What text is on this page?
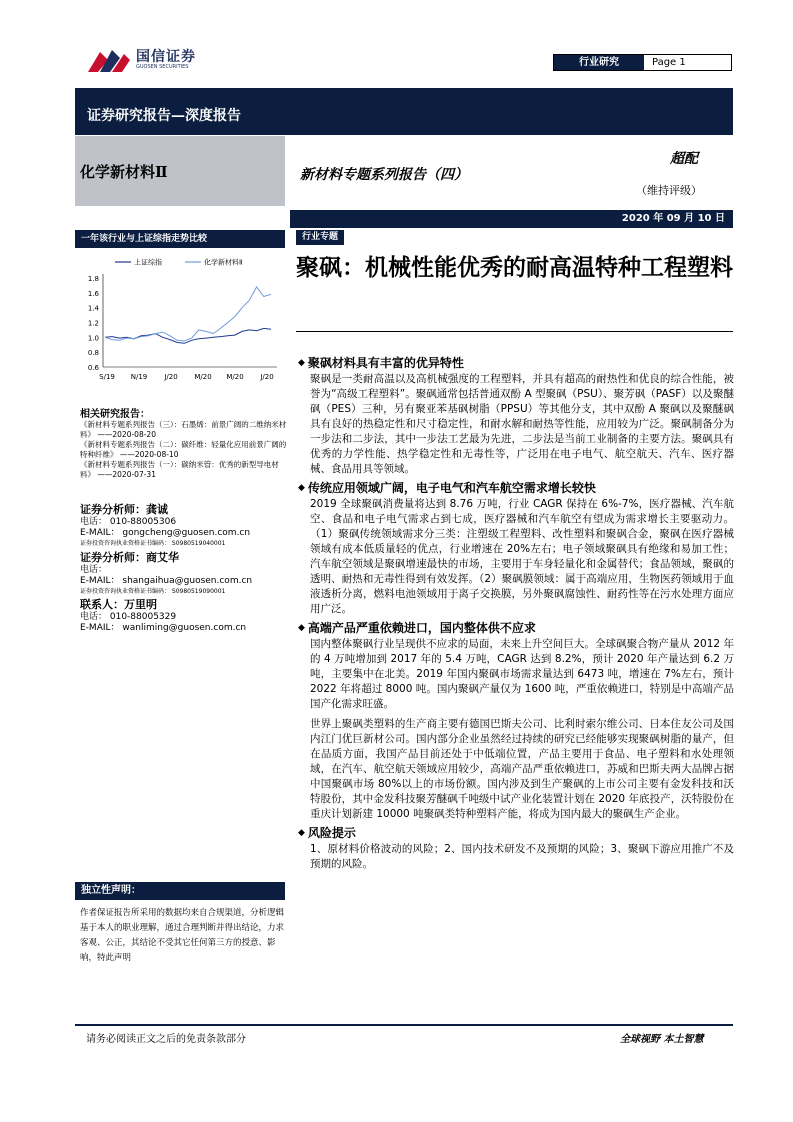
国信证券
GUOSEN SECURITIES	行业研究	Page 1
证券研究报告—深度报告
化学新材料Ⅱ	新材料专题系列报告（四）
超配
（维持评级）
2020 年 09 月 10 日
一年该行业与上证综指走势比较	行业专题
聚砜：机械性能优秀的耐高温特种工程塑料
上证综指	化学新材料Ⅱ
1.8
1.6
1.4
1.2
1.0
0.8
0.6
S/19 N/19 J/20 M/20 M/20 J/20
相关研究报告：
《新材料专题系列报告（三）：石墨烯：前景广阔的二维纳米材料》 ——2020-08-20
《新材料专题系列报告（二）：碳纤维：轻量化应用前景广阔的特种纤维》 ——2020-08-10
《新材料专题系列报告（一）：碳纳米管：优秀的新型导电材料》 ——2020-07-31
证券分析师：龚诚
电话： 010-88005306
E-MAIL： gongcheng@guosen.com.cn
证券投资咨询执业资格证书编码： S0980519040001
证券分析师：商艾华
电话：
E-MAIL： shangaihua@guosen.com.cn
证券投资咨询执业资格证书编码： S0980519090001
联系人：万里明
电话： 010-88005329
E-MAIL： wanliming@guosen.com.cn
独立性声明：
作者保证报告所采用的数据均来自合规渠道，分析逻辑基于本人的职业理解，通过合理判断并得出结论，力求客观、公正，其结论不受其它任何第三方的授意、影响，特此声明
◆ 聚砜材料具有丰富的优异特性
聚砜是一类耐高温以及高机械强度的工程塑料，并具有超高的耐热性和优良的综合性能，被誉为“高级工程塑料”。聚砜通常包括普通双酚 A 型聚砜（PSU）、聚芳砜（PASF）以及聚醚砜（PES）三种，另有聚亚苯基砜树脂（PPSU）等其他分支，其中双酚 A 聚砜以及聚醚砜具有良好的热稳定性和尺寸稳定性，和耐水解和耐热等性能，应用较为广泛。聚砜制备分为一步法和二步法，其中一步法工艺最为先进，二步法是当前工业制备的主要方法。聚砜具有优秀的力学性能、热学稳定性和无毒性等，广泛用在电子电气、航空航天、汽车、医疗器械、食品用具等领域。
◆ 传统应用领域广阔，电子电气和汽车航空需求增长较快
2019 全球聚砜消费量将达到 8.76 万吨，行业 CAGR 保持在 6%-7%，医疗器械、汽车航空、食品和电子电气需求占到七成，医疗器械和汽车航空有望成为需求增长主要驱动力。（1）聚砜传统领域需求分三类：注塑级工程塑料、改性塑料和聚砜合金，聚砜在医疗器械领域有成本低质量轻的优点，行业增速在 20%左右；电子领域聚砜具有绝缘和易加工性；汽车航空领域是聚砜增速最快的市场，主要用于车身轻量化和金属替代；食品领域，聚砜的透明、耐热和无毒性得到有效发挥。（2）聚砜膜领域：属于高端应用，生物医药领域用于血液透析分离，燃料电池领域用于离子交换膜，另外聚砜腐蚀性、耐药性等在污水处理方面应用广泛。
◆ 高端产品严重依赖进口，国内整体供不应求
国内整体聚砜行业呈现供不应求的局面，未来上升空间巨大。全球砜聚合物产量从 2012 年的 4 万吨增加到 2017 年的 5.4 万吨，CAGR 达到 8.2%，预计 2020 年产量达到 6.2 万吨，主要集中在北美。2019 年国内聚砜市场需求量达到 6473 吨，增速在 7%左右，预计 2022 年将超过 8000 吨。国内聚砜产量仅为 1600 吨，严重依赖进口，特别是中高端产品国产化需求旺盛。
世界上聚砜类塑料的生产商主要有德国巴斯夫公司、比利时索尔维公司、日本住友公司及国内江门优巨新材公司。国内部分企业虽然经过持续的研究已经能够实现聚砜树脂的量产，但在品质方面，我国产品目前还处于中低端位置，产品主要用于食品、电子塑料和水处理领域，在汽车、航空航天领域应用较少，高端产品严重依赖进口，苏威和巴斯夫两大品牌占据中国聚砜市场 80%以上的市场份额。国内涉及到生产聚砜的上市公司主要有金发科技和沃特股份，其中金发科技聚芳醚砜千吨级中试产业化装置计划在 2020 年底投产，沃特股份在重庆计划新建 10000 吨聚砜类特种塑料产能，将成为国内最大的聚砜生产企业。
◆ 风险提示
1、原材料价格波动的风险；2、国内技术研发不及预期的风险；3、聚砜下游应用推广不及预期的风险。
请务必阅读正文之后的免责条款部分	全球视野 本土智慧
